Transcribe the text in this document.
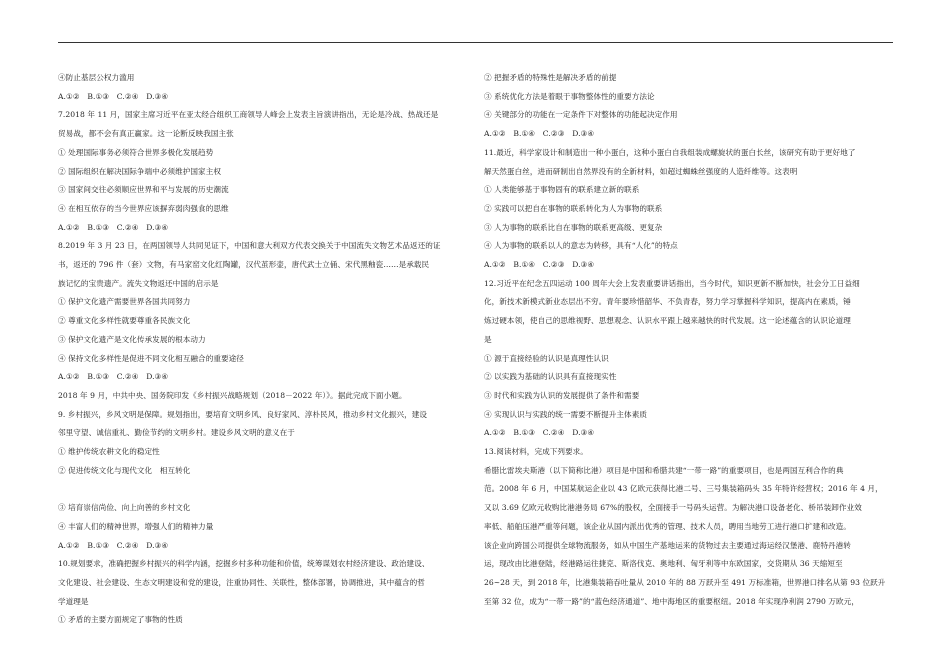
④防止基层公权力滥用

A.①②　B.①③　C.②④　D.③④

7.2018 年 11 月，国家主席习近平在亚太经合组织工商领导人峰会上发表主旨演讲指出，无论是冷战、热战还是

贸易战，都不会有真正赢家。这一论断反映我国主张

① 处理国际事务必须符合世界多极化发展趋势

② 国际组织在解决国际争端中必须维护国家主权

③ 国家间交往必须顺应世界和平与发展的历史潮流

④ 在相互依存的当今世界应该摒弃弱肉强食的思维

A.①②　B.①③　C.②④　D.③④

8.2019 年 3 月 23 日，在两国领导人共同见证下，中国和意大利双方代表交换关于中国流失文物艺术品返还的证

书，返还的 796 件（套）文物，有马家窑文化红陶罐，汉代茧形壶，唐代武士立俑、宋代黑釉瓷……是承载民

族记忆的宝贵遗产。流失文物返还中国的启示是

① 保护文化遗产需要世界各国共同努力

② 尊重文化多样性就要尊重各民族文化

③ 保护文化遗产是文化传承发展的根本动力

④ 保持文化多样性是促进不同文化相互融合的重要途径

A.①②　B.①③　C.②④　D.③④

2018 年 9 月，中共中央、国务院印发《乡村振兴战略规划（2018－2022 年）》。据此完成下面小题。

9. 乡村振兴，乡风文明是保障。规划指出，要培育文明乡风、良好家风、淳朴民风，推动乡村文化振兴，建设

邻里守望、诚信重礼、勤俭节约的文明乡村。建设乡风文明的意义在于

① 维护传统农耕文化的稳定性

② 促进传统文化与现代文化　相互转化

③ 培育崇信尚俭、向上向善的乡村文化

④ 丰富人们的精神世界，增强人们的精神力量

A.①②　B.①③　C.②④　D.③④

10.规划要求，准确把握乡村振兴的科学内涵，挖掘乡村多种功能和价值，统筹谋划农村经济建设、政治建设、

文化建设、社会建设、生态文明建设和党的建设，注重协同性、关联性，整体部署，协调推进，其中蕴含的哲

学道理是

① 矛盾的主要方面规定了事物的性质

② 把握矛盾的特殊性是解决矛盾的前提

③ 系统优化方法是着眼于事物整体性的重要方法论

④ 关键部分的功能在一定条件下对整体的功能起决定作用

A.①②　B.①④　C.②③　D.③④

11.最近，科学家设计和制造出一种小蛋白，这种小蛋白自我组装成螺旋状的蛋白长丝，该研究有助于更好地了

解天然蛋白丝，进而研制出自然界没有的全新材料，如超过蜘蛛丝强度的人造纤维等。这表明

① 人类能够基于事物固有的联系建立新的联系

② 实践可以把自在事物的联系转化为人为事物的联系

③ 人为事物的联系比自在事物的联系更高级、更复杂

④ 人为事物的联系以人的意志为转移，具有“人化”的特点

A.①②　B.①④　C.②③　D.③④

12.习近平在纪念五四运动 100 周年大会上发表重要讲话指出，当今时代，知识更新不断加快，社会分工日益细

化，新技术新模式新业态层出不穷。青年要珍惜韶华、不负青春，努力学习掌握科学知识，提高内在素质，锤

炼过硬本领，使自己的思维视野、思想观念、认识水平跟上越来越快的时代发展。这一论述蕴含的认识论道理

是

① 源于直接经验的认识是真理性认识

② 以实践为基础的认识具有直接现实性

③ 时代和实践为认识的发展提供了条件和需要

④ 实现认识与实践的统一需要不断提升主体素质

A.①②　B.①③　C.②④　D.③④

13.阅读材料，完成下列要求。

希腊比雷埃夫斯港（以下简称比港）项目是中国和希腊共建“一带一路”的重要项目，也是两国互利合作的典

范。2008 年 6 月，中国某航运企业以 43 亿欧元获得比港二号、三号集装箱码头 35 年特许经营权；2016 年 4 月，

又以 3.69 亿欧元收购比港港务局 67%的股权，全面接手一号码头运营。为解决港口设备老化、桥吊装卸作业效

率低、船舶压港严重等问题，该企业从国内派出优秀的管理、技术人员，聘用当地劳工进行港口扩建和改造。

该企业向跨国公司提供全球物流服务，如从中国生产基地运来的货物过去主要通过海运经汉堡港、鹿特丹港转

运，现改由比港登陆，经港路运往捷克、斯洛伐克、奥地利、匈牙利等中东欧国家，交货期从 36 天缩短至

26~28 天，到 2018 年，比港集装箱吞吐量从 2010 年的 88 万跃升至 491 万标准箱，世界港口排名从第 93 位跃升

至第 32 位，成为“一带一路”的“蓝色经济通道”、地中海地区的重要枢纽。2018 年实现净利润 2790 万欧元，
